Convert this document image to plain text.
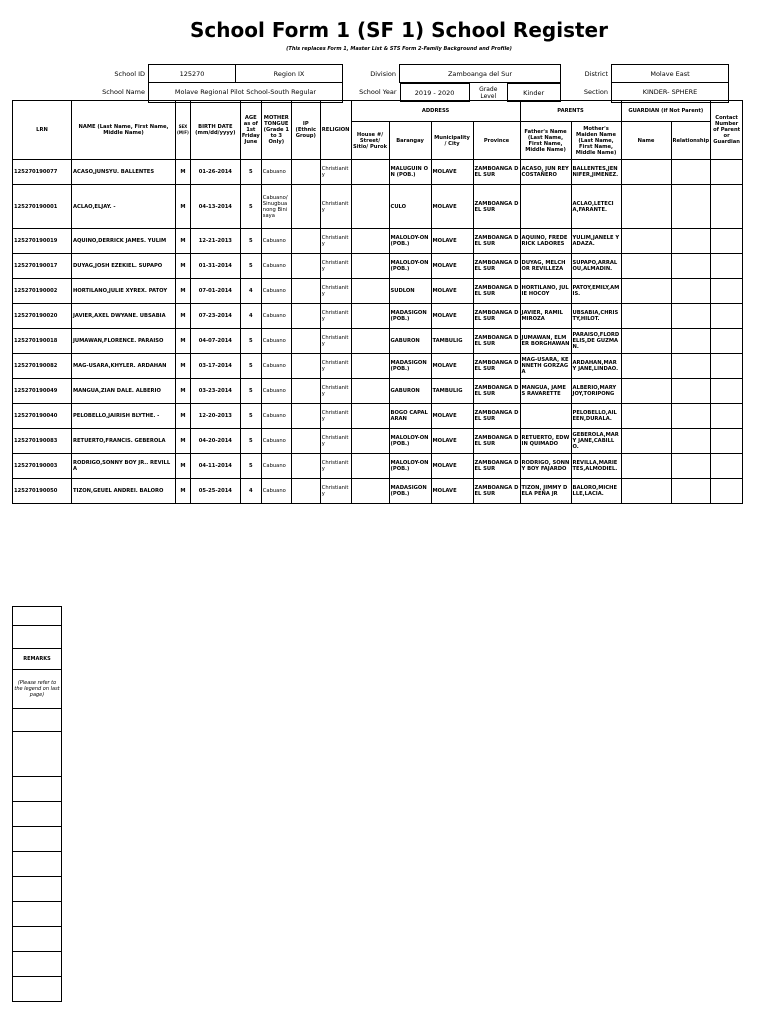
School Form 1 (SF 1) School Register
(This replaces Form 1, Master List & STS Form 2-Family Background and Profile)
School ID	125270	Region IX	Division	Zamboanga del Sur	District	Molave East
School Name	Molave Regional Pilot School-South Regular	School Year		2019 - 2020	Grade Level	Kinder
		Section	KINDER- SPHERE
LRN	NAME (Last Name, First Name, Middle Name)	SEX (M/F)	BIRTH DATE (mm/dd/yyyy)	AGE as of 1st Friday June	MOTHER TONGUE (Grade 1 to 3 Only)	IP (Ethnic Group)	RELIGION	ADDRESS				PARENTS		GUARDIAN (if Not Parent)		Contact Number of Parent or Guardian
								House #/ Street/ Sitio/ Purok	Barangay	Municipality / City	Province	Father's Name (Last Name, First Name, Middle Name)	Mother's Maiden Name (Last Name, First Name, Middle Name)	Name	Relationship	
125270190077	ACASO,JUNSYU. BALLENTES	M	01-26-2014	5	Cabuano		Christianity		MALUGUIN ON (POB.)	MOLAVE	ZAMBOANGA DEL SUR	ACASO, JUN REY COSTAÑERO	BALLENTES,JENNIFER,JIMENEZ.			
125270190001	ACLAO,ELJAY. -	M	04-13-2014	5	Cabuano/ Sinugbuanong Binisaya		Christianity		CULO	MOLAVE	ZAMBOANGA DEL SUR		ACLAO,LETECIA,FARANTE.			
125270190019	AQUINO,DERRICK JAMES. YULIM	M	12-21-2013	5	Cabuano		Christianity		MALOLOY-ON (POB.)	MOLAVE	ZAMBOANGA DEL SUR	AQUINO, FREDERICK LADORES	YULIM,JANELE YADAZA.			
125270190017	DUYAG,JOSH EZEKIEL. SUPAPO	M	01-31-2014	5	Cabuano		Christianity		MALOLOY-ON (POB.)	MOLAVE	ZAMBOANGA DEL SUR	DUYAG, MELCHOR REVILLEZA	SUPAPO,ARRALOU,ALMADIN.			
125270190002	HORTILANO,JULIE XYREX. PATOY	M	07-01-2014	4	Cabuano		Christianity		SUDLON	MOLAVE	ZAMBOANGA DEL SUR	HORTILANO, JULIE HOCOY	PATOY,EMILY,AMIS.			
125270190020	JAVIER,AXEL DWYANE. UBSABIA	M	07-23-2014	4	Cabuano		Christianity		MADASIGON (POB.)	MOLAVE	ZAMBOANGA DEL SUR	JAVIER, RAMIL MIROZA	UBSABIA,CHRISTY,HILOT.			
125270190018	JUMAWAN,FLORENCE. PARAISO	M	04-07-2014	5	Cabuano		Christianity		GABURON	TAMBULIG	ZAMBOANGA DEL SUR	JUMAWAN, ELMER BORGHAWAN	PARAISO,FLORDELIS,DE GUZMAN.			
125270190082	MAG-USARA,KHYLER. ARDAHAN	M	03-17-2014	5	Cabuano		Christianity		MADASIGON (POB.)	MOLAVE	ZAMBOANGA DEL SUR	MAG-USARA, KENNETH GORZAGA	ARDAHAN,MARY JANE,LINDAO.			
125270190049	MANGUA,ZIAN DALE. ALBERIO	M	03-23-2014	5	Cabuano		Christianity		GABURON	TAMBULIG	ZAMBOANGA DEL SUR	MANGUA, JAMES RAVARETTE	ALBERIO,MARY JOY,TORIPONG			
125270190040	PELOBELLO,JAIRISH BLYTHE. -	M	12-20-2013	5	Cabuano		Christianity		BOGO CAPALARAN	MOLAVE	ZAMBOANGA DEL SUR		PELOBELLO,AILEEN,DURALA.			
125270190083	RETUERTO,FRANCIS. GEBEROLA	M	04-20-2014	5	Cabuano		Christianity		MALOLOY-ON (POB.)	MOLAVE	ZAMBOANGA DEL SUR	RETUERTO, EDWIN QUIMADO	GEBEROLA,MARY JANE,CABILLO.			
125270190003	RODRIGO,SONNY BOY JR.. REVILLA	M	04-11-2014	5	Cabuano		Christianity		MALOLOY-ON (POB.)	MOLAVE	ZAMBOANGA DEL SUR	RODRIGO, SONNY BOY FAJARDO	REVILLA,MARIETES,ALMODIEL.			
125270190050	TIZON,GEUEL ANDREI. BALORO	M	05-25-2014	4	Cabuano		Christianity		MADASIGON (POB.)	MOLAVE	ZAMBOANGA DEL SUR	TIZON, JIMMY DELA PEÑA JR	BALORO,MICHELLE,LACIA.			

REMARKS
(Please refer to the legend on last page)
